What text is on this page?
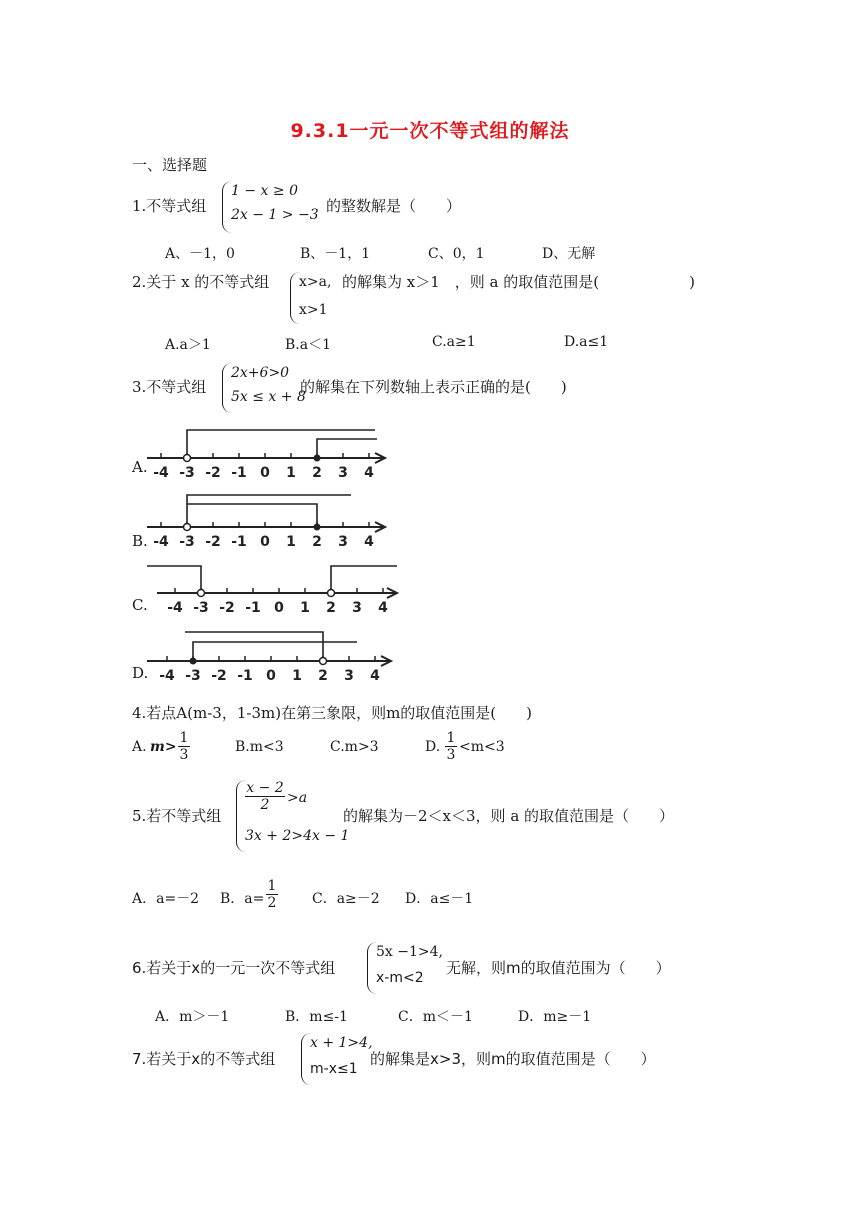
9.3.1一元一次不等式组的解法
一、选择题
1.不等式组
1 − x ≥ 0
2x − 1 > −3 的整数解是（　　）
A、－1，0	B、－1，1	C、0，1	D、无解
2.关于 x 的不等式组 x>a,
x>1
的解集为 x＞1　，则 a 的取值范围是(　　　　　　)
A.a＞1	B.a＜1	C.a≥1	D.a≤1
3.不等式组
2x+6>0
5x ≤ x + 8
的解集在下列数轴上表示正确的是(　　)
A. -4 -3 -2 -1 0 1 2 3 4
B. -4 -3 -2 -1 0 1 2 3 4
C. -4 -3 -2 -1 0 1 2 3 4
D. -4 -3 -2 -1 0 1 2 3 4
4.若点A(m-3，1-3m)在第三象限，则m的取值范围是(　　)
A. $m> \frac{1}{3}$	B.m<3	C.m>3	D. $\frac{1}{3} <m<3$
5.若不等式组
$\frac{x - 2}{2} >a$
3x + 2>4x − 1
的解集为－2＜x＜3，则 a 的取值范围是（　　）
A．a=－2 B．$a= \frac{1}{2}$ C．a≥－2 D．a≤－1
6.若关于x的一元一次不等式组
5x −1>4,
x-m<2
无解，则m的取值范围为（　　）
A．m＞－1	B．m≤-1	C．m＜－1	D．m≥－1
7.若关于x的不等式组
x + 1>4,
m-x≤1
的解集是x>3，则m的取值范围是（　　）
